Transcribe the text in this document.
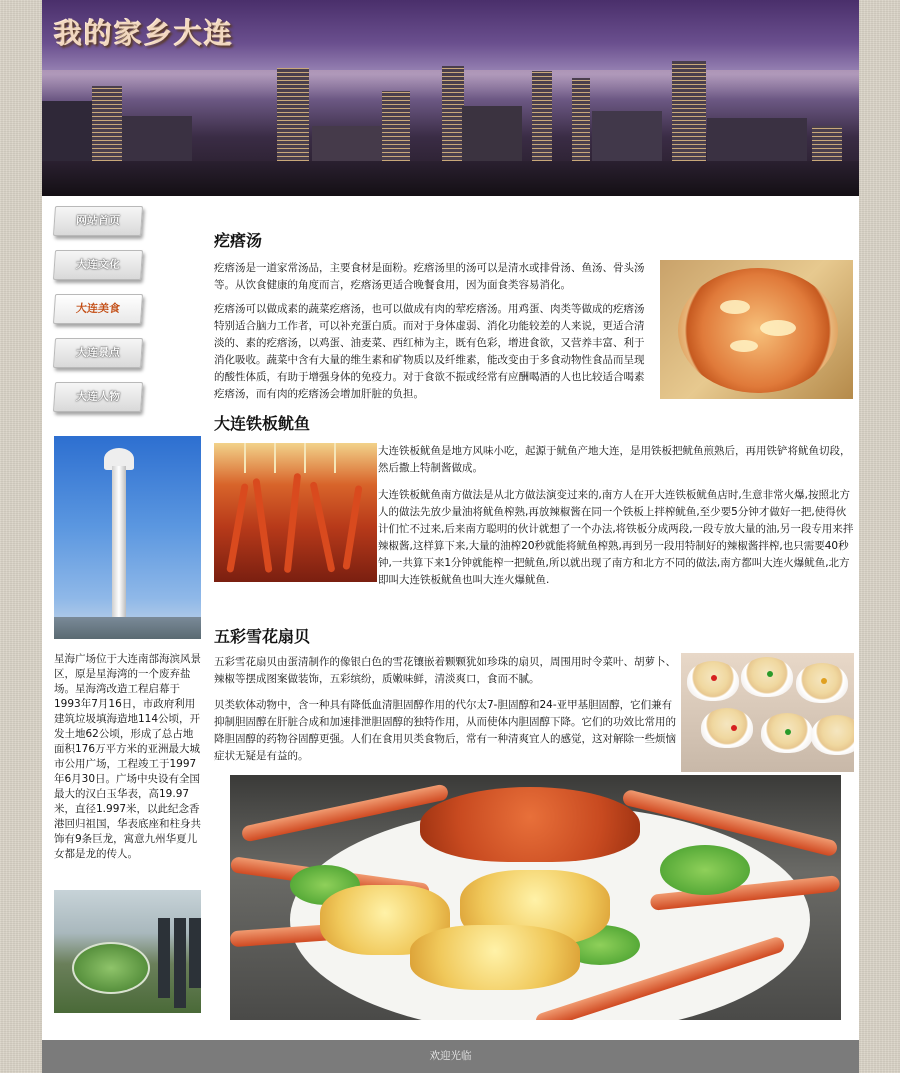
我的家乡大连
网站首页
大连文化
大连美食
大连景点
大连人物

星海广场位于大连南部海滨风景区，原是星海湾的一个废弃盐场。星海湾改造工程启幕于1993年7月16日，市政府利用建筑垃圾填海造地114公顷，开发土地62公顷，形成了总占地面积176万平方米的亚洲最大城市公用广场，工程竣工于1997年6月30日。广场中央设有全国最大的汉白玉华表，高19.97米，直径1.997米，以此纪念香港回归祖国，华表底座和柱身共饰有9条巨龙，寓意九州华夏儿女都是龙的传人。

疙瘩汤

疙瘩汤是一道家常汤品，主要食材是面粉。疙瘩汤里的汤可以是清水或排骨汤、鱼汤、骨头汤等。从饮食健康的角度而言，疙瘩汤更适合晚餐食用，因为面食类容易消化。

疙瘩汤可以做成素的蔬菜疙瘩汤，也可以做成有肉的荤疙瘩汤。用鸡蛋、肉类等做成的疙瘩汤特别适合脑力工作者，可以补充蛋白质。而对于身体虚弱、消化功能较差的人来说，更适合清淡的、素的疙瘩汤，以鸡蛋、油麦菜、西红柿为主，既有色彩，增进食欲，又营养丰富、利于消化吸收。蔬菜中含有大量的维生素和矿物质以及纤维素，能改变由于多食动物性食品而呈现的酸性体质，有助于增强身体的免疫力。对于食欲不振或经常有应酬喝酒的人也比较适合喝素疙瘩汤，而有肉的疙瘩汤会增加肝脏的负担。

大连铁板鱿鱼

大连铁板鱿鱼是地方风味小吃，起源于鱿鱼产地大连，是用铁板把鱿鱼煎熟后，再用铁铲将鱿鱼切段，然后撒上特制酱做成。

大连铁板鱿鱼南方做法是从北方做法演变过来的,南方人在开大连铁板鱿鱼店时,生意非常火爆,按照北方人的做法先放少量油将鱿鱼榨熟,再放辣椒酱在同一个铁板上拌榨鱿鱼,至少要5分钟才做好一把,使得伙计们忙不过来,后来南方聪明的伙计就想了一个办法,将铁板分成两段,一段专放大量的油,另一段专用来拌辣椒酱,这样算下来,大量的油榨20秒就能将鱿鱼榨熟,再到另一段用特制好的辣椒酱拌榨,也只需要40秒钟,一共算下来1分钟就能榨一把鱿鱼,所以就出现了南方和北方不同的做法,南方都叫大连火爆鱿鱼,北方即叫大连铁板鱿鱼也叫大连火爆鱿鱼.

五彩雪花扇贝

五彩雪花扇贝由蛋清制作的像银白色的雪花镶嵌着颗颗犹如珍珠的扇贝，周围用时令菜叶、胡萝卜、辣椒等摆成图案做装饰，五彩缤纷，质嫩味鲜，清淡爽口，食而不腻。

贝类软体动物中，含一种具有降低血清胆固醇作用的代尔太7-胆固醇和24-亚甲基胆固醇，它们兼有抑制胆固醇在肝脏合成和加速排泄胆固醇的独特作用，从而使体内胆固醇下降。它们的功效比常用的降胆固醇的药物谷固醇更强。人们在食用贝类食物后，常有一种清爽宜人的感觉，这对解除一些烦恼症状无疑是有益的。

欢迎光临
